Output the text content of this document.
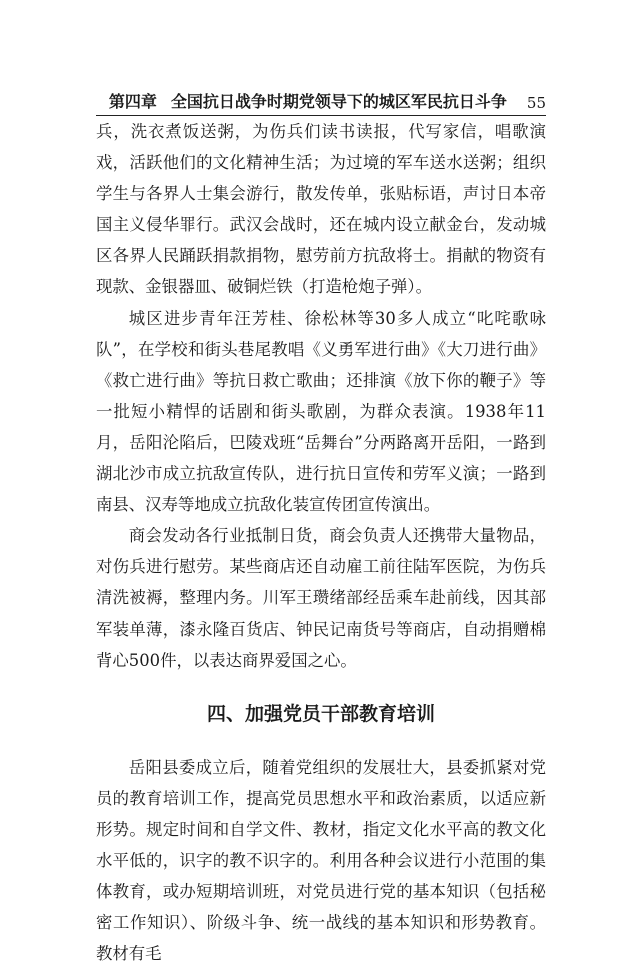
第四章 全国抗日战争时期党领导下的城区军民抗日斗争 55

兵，洗衣煮饭送粥，为伤兵们读书读报，代写家信，唱歌演戏，活跃他们的文化精神生活；为过境的军车送水送粥；组织学生与各界人士集会游行，散发传单，张贴标语，声讨日本帝国主义侵华罪行。武汉会战时，还在城内设立献金台，发动城区各界人民踊跃捐款捐物，慰劳前方抗敌将士。捐献的物资有现款、金银器皿、破铜烂铁（打造枪炮子弹）。

城区进步青年汪芳桂、徐松林等30多人成立“叱咤歌咏队”，在学校和街头巷尾教唱《义勇军进行曲》《大刀进行曲》《救亡进行曲》等抗日救亡歌曲；还排演《放下你的鞭子》等一批短小精悍的话剧和街头歌剧，为群众表演。1938年11月，岳阳沦陷后，巴陵戏班“岳舞台”分两路离开岳阳，一路到湖北沙市成立抗敌宣传队，进行抗日宣传和劳军义演；一路到南县、汉寿等地成立抗敌化装宣传团宣传演出。

商会发动各行业抵制日货，商会负责人还携带大量物品，对伤兵进行慰劳。某些商店还自动雇工前往陆军医院，为伤兵清洗被褥，整理内务。川军王瓒绪部经岳乘车赴前线，因其部军装单薄，漆永隆百货店、钟民记南货号等商店，自动捐赠棉背心500件，以表达商界爱国之心。

四、加强党员干部教育培训

岳阳县委成立后，随着党组织的发展壮大，县委抓紧对党员的教育培训工作，提高党员思想水平和政治素质，以适应新形势。规定时间和自学文件、教材，指定文化水平高的教文化水平低的，识字的教不识字的。利用各种会议进行小范围的集体教育，或办短期培训班，对党员进行党的基本知识（包括秘密工作知识）、阶级斗争、统一战线的基本知识和形势教育。教材有毛
